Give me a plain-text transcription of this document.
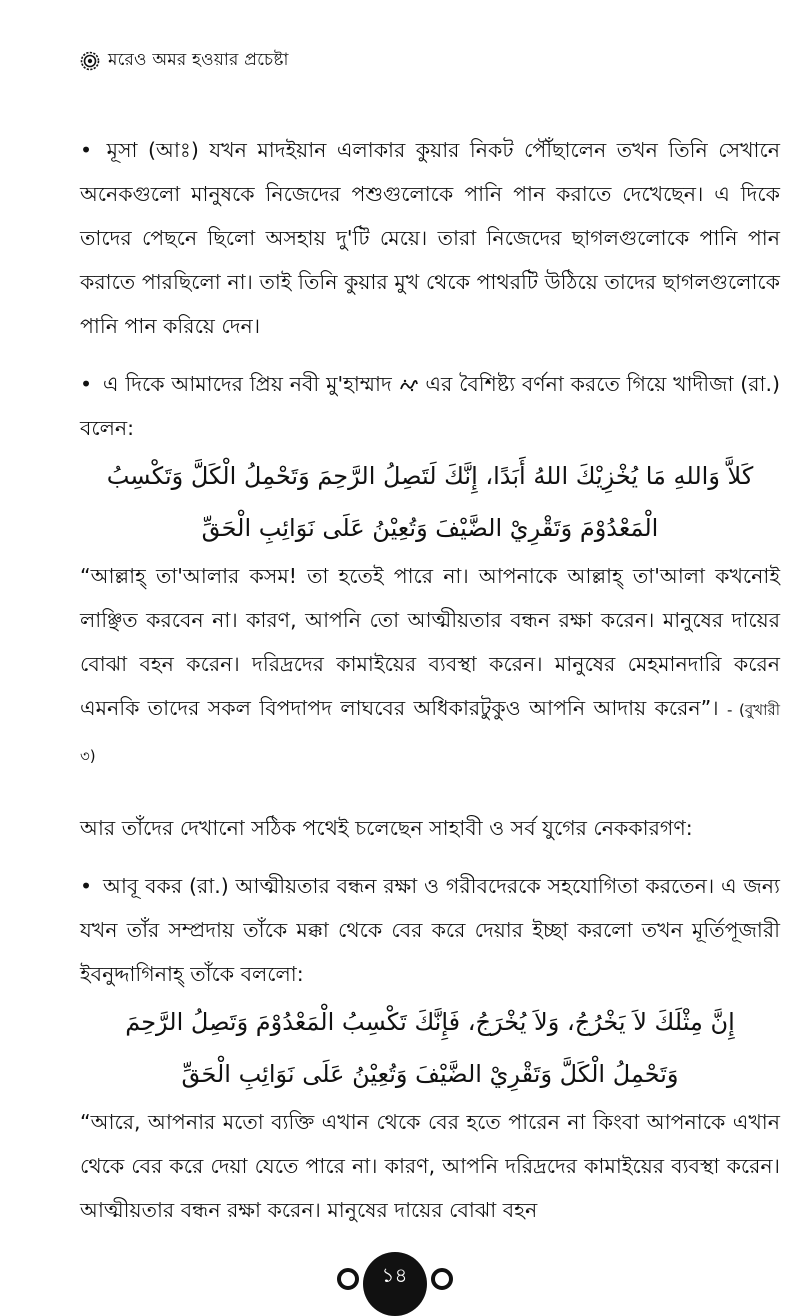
মরেও অমর হওয়ার প্রচেষ্টা

• মূসা (আঃ) যখন মাদইয়ান এলাকার কুয়ার নিকট পৌঁছালেন তখন তিনি সেখানে অনেকগুলো মানুষকে নিজেদের পশুগুলোকে পানি পান করাতে দেখেছেন। এ দিকে তাদের পেছনে ছিলো অসহায় দু'টি মেয়ে। তারা নিজেদের ছাগলগুলোকে পানি পান করাতে পারছিলো না। তাই তিনি কুয়ার মুখ থেকে পাথরটি উঠিয়ে তাদের ছাগলগুলোকে পানি পান করিয়ে দেন।

• এ দিকে আমাদের প্রিয় নবী মু'হাম্মাদ এর বৈশিষ্ট্য বর্ণনা করতে গিয়ে খাদীজা (রা.) বলেন:

كَلاَّ وَاللهِ مَا يُخْزِيْكَ اللهُ أَبَدًا، إِنَّكَ لَتَصِلُ الرَّحِمَ وَتَحْمِلُ الْكَلَّ وَتَكْسِبُ

الْمَعْدُوْمَ وَتَقْرِيْ الضَّيْفَ وَتُعِيْنُ عَلَى نَوَائِبِ الْحَقِّ

“আল্লাহ্ তা'আলার কসম! তা হতেই পারে না। আপনাকে আল্লাহ্ তা'আলা কখনোই লাঞ্ছিত করবেন না। কারণ, আপনি তো আত্মীয়তার বন্ধন রক্ষা করেন। মানুষের দায়ের বোঝা বহন করেন। দরিদ্রদের কামাইয়ের ব্যবস্থা করেন। মানুষের মেহমানদারি করেন এমনকি তাদের সকল বিপদাপদ লাঘবের অধিকারটুকুও আপনি আদায় করেন”। - (বুখারী ৩)

আর তাঁদের দেখানো সঠিক পথেই চলেছেন সাহাবী ও সর্ব যুগের নেককারগণ:

• আবূ বকর (রা.) আত্মীয়তার বন্ধন রক্ষা ও গরীবদেরকে সহযোগিতা করতেন। এ জন্য যখন তাঁর সম্প্রদায় তাঁকে মক্কা থেকে বের করে দেয়ার ইচ্ছা করলো তখন মূর্তিপূজারী ইবনুদ্দাগিনাহ্ তাঁকে বললো:

إِنَّ مِثْلَكَ لاَ يَخْرُجُ، وَلاَ يُخْرَجُ، فَإِنَّكَ تَكْسِبُ الْمَعْدُوْمَ وَتَصِلُ الرَّحِمَ

وَتَحْمِلُ الْكَلَّ وَتَقْرِيْ الضَّيْفَ وَتُعِيْنُ عَلَى نَوَائِبِ الْحَقِّ

“আরে, আপনার মতো ব্যক্তি এখান থেকে বের হতে পারেন না কিংবা আপনাকে এখান থেকে বের করে দেয়া যেতে পারে না। কারণ, আপনি দরিদ্রদের কামাইয়ের ব্যবস্থা করেন। আত্মীয়তার বন্ধন রক্ষা করেন। মানুষের দায়ের বোঝা বহন

১৪
